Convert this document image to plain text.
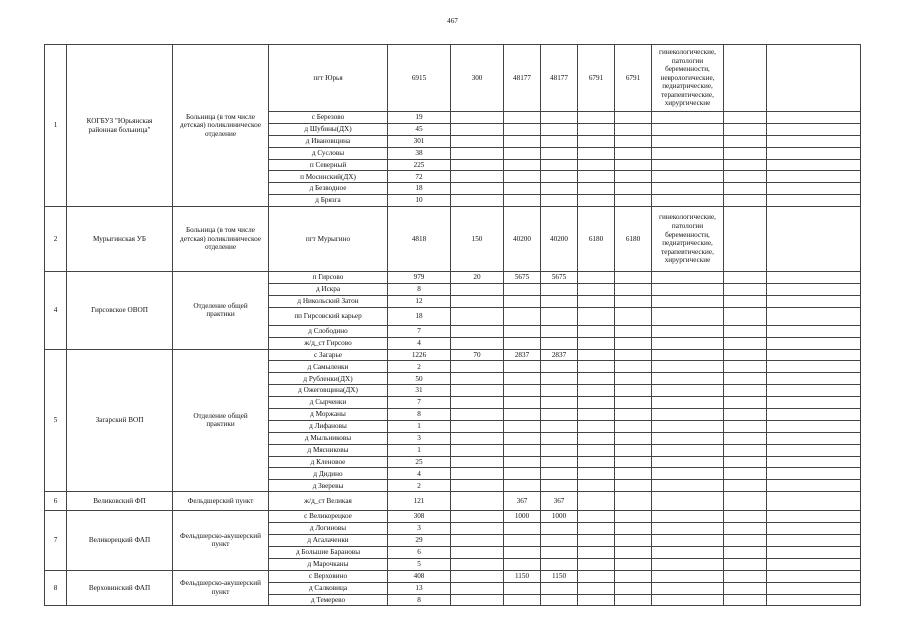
467
1	КОГБУЗ "Юрьянская
районная больница"	Больница (в том числе
детская) поликлиническое
отделение	пгт Юрья	6915	300	48177	48177	6791	6791	гинекологические, патологии беременности, неврологические, педиатрические, терапевтические, хирургические		

			с Березово	19								
			д Шубины(ДХ)	45								
			д Ивановщина	301								
			д Сусловы	38								
			п Северный	225								
			п Мосинский(ДХ)	72								
			д Безводное	18								
			д Брязга	10								
2	Мурыгинская УБ	Больница (в том числе
детская) поликлиническое
отделение	пгт Мурыгино	4818	150	40200	40200	6180	6180	гинекологические, патологии беременности, педиатрические, терапевтические, хирургические		

4	Гирсовское ОВОП	Отделение общей
практики	п Гирсово	979	20	5675	5675					
			д Искра	8								
			д Никольский Затон	12								
			пп Гирсовский карьер	18								
			д Слободино	7								
			ж/д_ст Гирсово	4								
5	Загарский ВОП	Отделение общей
практики	с Загарье	1226	70	2837	2837					
			д Самыленки	2								
			д Рубленки(ДХ)	50								
			д Ожеговщина(ДХ)	31								
			д Сырченки	7								
			д Моржаны	8								
			д Лифановы	1								
			д Мыльниковы	3								
			д Мясниковы	1								
			д Кленовое	25								
			д Дидино	4								
			д Зверевы	2								
6	Великовский ФП	Фельдшерский пункт	ж/д_ст Великая	121		367	367					
7	Великорецкий ФАП	Фельдшерско-акушерский
пункт	с Великорецкое	308		1000	1000					
			д Логиновы	3								
			д Агалаченки	29								
			д Большие Барановы	6								
			д Марочканы	5								
8	Верховинский ФАП	Фельдшерско-акушерский
пункт	с Верховино	408		1150	1150					
			д Салковица	13								
			д Темерево	8								
